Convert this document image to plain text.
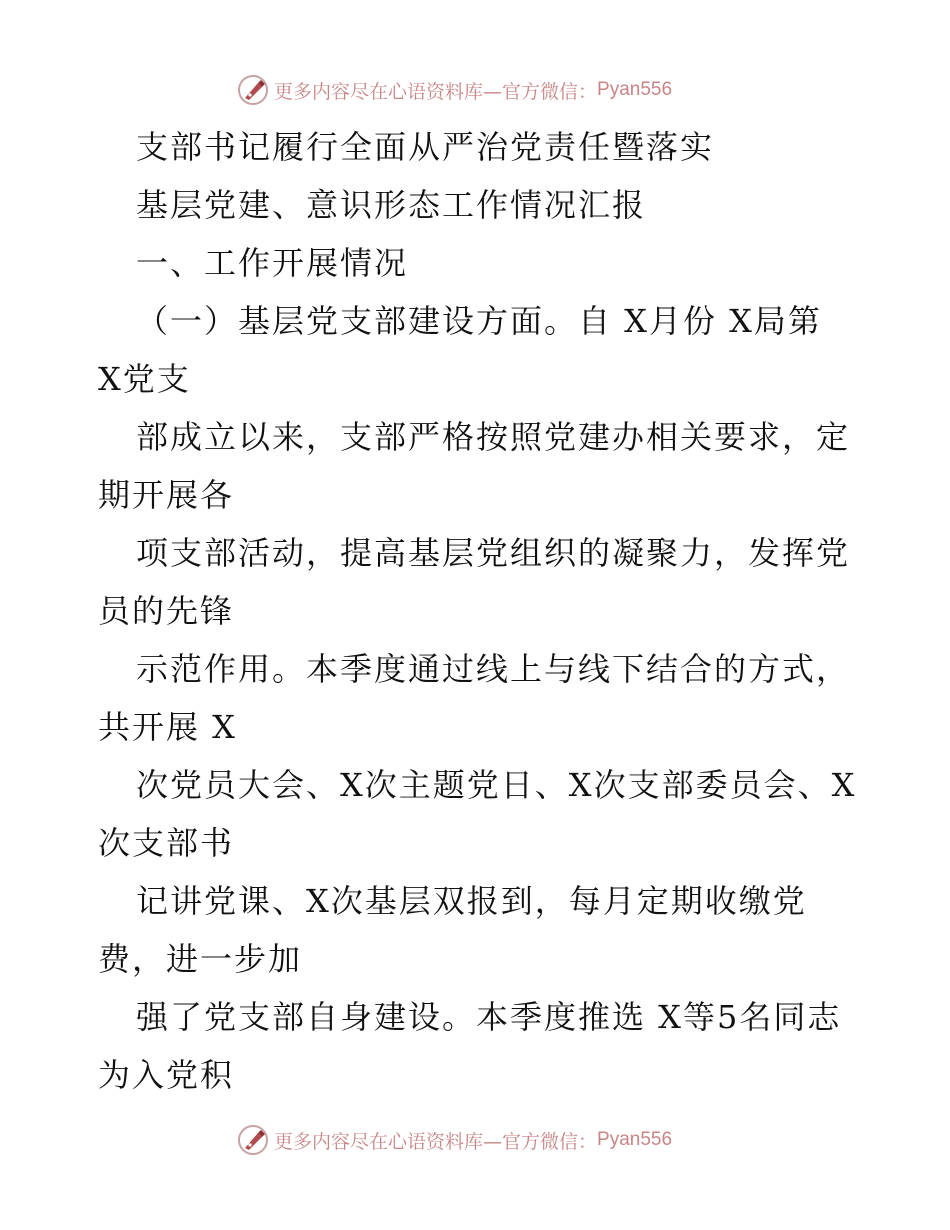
更多内容尽在心语资料库—官方微信： Pyan556
支部书记履行全面从严治党责任暨落实
基层党建、意识形态工作情况汇报
一、工作开展情况
（一）基层党支部建设方面。自 X月份 X局第
X党支
部成立以来，支部严格按照党建办相关要求，定
期开展各
项支部活动，提高基层党组织的凝聚力，发挥党
员的先锋
示范作用。本季度通过线上与线下结合的方式，
共开展 X
次党员大会、X次主题党日、X次支部委员会、X
次支部书
记讲党课、X次基层双报到，每月定期收缴党
费，进一步加
强了党支部自身建设。本季度推选 X等5名同志
为入党积
更多内容尽在心语资料库—官方微信： Pyan556
